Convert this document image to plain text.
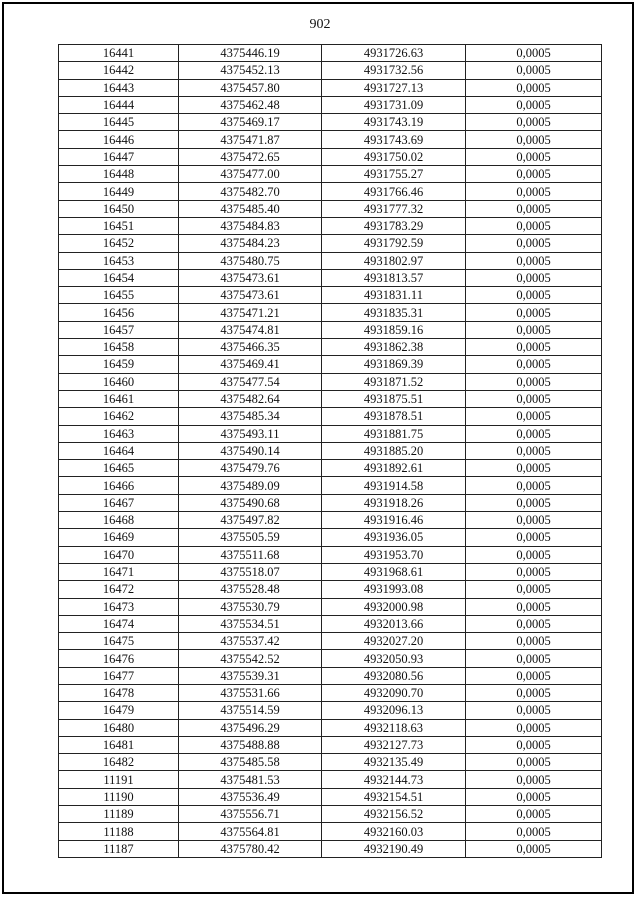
902
16441	4375446.19	4931726.63	0,0005
16442	4375452.13	4931732.56	0,0005
16443	4375457.80	4931727.13	0,0005
16444	4375462.48	4931731.09	0,0005
16445	4375469.17	4931743.19	0,0005
16446	4375471.87	4931743.69	0,0005
16447	4375472.65	4931750.02	0,0005
16448	4375477.00	4931755.27	0,0005
16449	4375482.70	4931766.46	0,0005
16450	4375485.40	4931777.32	0,0005
16451	4375484.83	4931783.29	0,0005
16452	4375484.23	4931792.59	0,0005
16453	4375480.75	4931802.97	0,0005
16454	4375473.61	4931813.57	0,0005
16455	4375473.61	4931831.11	0,0005
16456	4375471.21	4931835.31	0,0005
16457	4375474.81	4931859.16	0,0005
16458	4375466.35	4931862.38	0,0005
16459	4375469.41	4931869.39	0,0005
16460	4375477.54	4931871.52	0,0005
16461	4375482.64	4931875.51	0,0005
16462	4375485.34	4931878.51	0,0005
16463	4375493.11	4931881.75	0,0005
16464	4375490.14	4931885.20	0,0005
16465	4375479.76	4931892.61	0,0005
16466	4375489.09	4931914.58	0,0005
16467	4375490.68	4931918.26	0,0005
16468	4375497.82	4931916.46	0,0005
16469	4375505.59	4931936.05	0,0005
16470	4375511.68	4931953.70	0,0005
16471	4375518.07	4931968.61	0,0005
16472	4375528.48	4931993.08	0,0005
16473	4375530.79	4932000.98	0,0005
16474	4375534.51	4932013.66	0,0005
16475	4375537.42	4932027.20	0,0005
16476	4375542.52	4932050.93	0,0005
16477	4375539.31	4932080.56	0,0005
16478	4375531.66	4932090.70	0,0005
16479	4375514.59	4932096.13	0,0005
16480	4375496.29	4932118.63	0,0005
16481	4375488.88	4932127.73	0,0005
16482	4375485.58	4932135.49	0,0005
11191	4375481.53	4932144.73	0,0005
11190	4375536.49	4932154.51	0,0005
11189	4375556.71	4932156.52	0,0005
11188	4375564.81	4932160.03	0,0005
11187	4375780.42	4932190.49	0,0005
